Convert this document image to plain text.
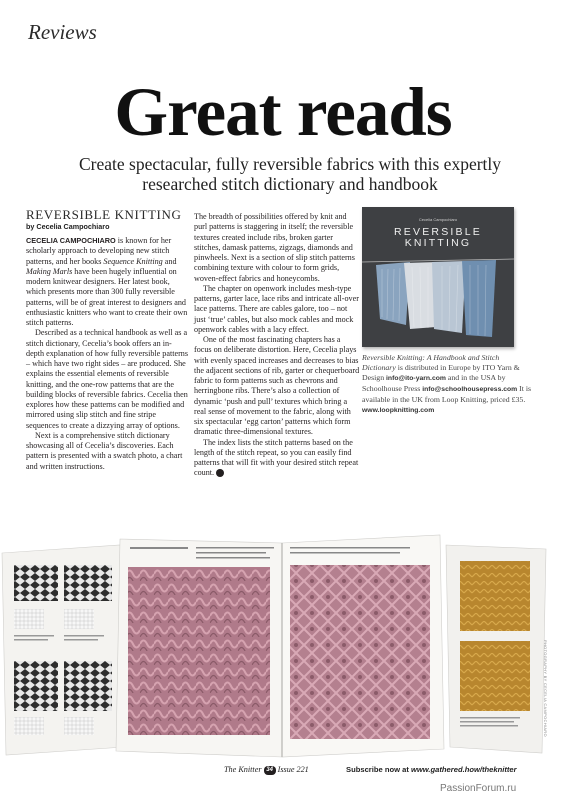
Reviews
Great reads
Create spectacular, fully reversible fabrics with this expertly researched stitch dictionary and handbook
REVERSIBLE KNITTING
by Cecelia Campochiaro

CECELIA CAMPOCHIARO is known for her scholarly approach to developing new stitch patterns, and her books Sequence Knitting and Making Marls have been hugely influential on modern knitwear designers. Her latest book, which presents more than 300 fully reversible patterns, will be of great interest to designers and enthusiastic knitters who want to create their own stitch patterns.

Described as a technical handbook as well as a stitch dictionary, Cecelia’s book offers an in-depth explanation of how fully reversible patterns – which have two right sides – are produced. She explains the essential elements of reversible knitting, and the one-row patterns that are the building blocks of reversible fabrics. Cecelia then explores how these patterns can be modified and mirrored using slip stitch and fine stripe sequences to create a dizzying array of options.

Next is a comprehensive stitch dictionary showcasing all of Cecelia’s discoveries. Each pattern is presented with a swatch photo, a chart and written instructions.

The breadth of possibilities offered by knit and purl patterns is staggering in itself; the reversible textures created include ribs, broken garter stitches, damask patterns, zigzags, diamonds and pinwheels. Next is a section of slip stitch patterns combining texture with colour to form grids, woven-effect fabrics and honeycombs.

The chapter on openwork includes mesh-type patterns, garter lace, lace ribs and intricate all-over lace patterns. There are cables galore, too – not just ‘true’ cables, but also mock cables and mock openwork cables with a lacy effect.

One of the most fascinating chapters has a focus on deliberate distortion. Here, Cecelia plays with evenly spaced increases and decreases to bias the adjacent sections of rib, garter or chequerboard fabric to form patterns such as chevrons and herringbone ribs. There’s also a collection of dynamic ‘push and pull’ textures which bring a real sense of movement to the fabric, along with six spectacular ‘egg carton’ patterns which form dramatic three-dimensional textures.

The index lists the stitch patterns based on the length of the stitch repeat, so you can easily find patterns that will fit with your desired stitch repeat count. TK

Cecelia Campochiaro
REVERSIBLE
KNITTING
Reversible Knitting: A Handbook and Stitch Dictionary is distributed in Europe by ITO Yarn & Design info@ito-yarn.com and in the USA by Schoolhouse Press info@schoolhousepress.com It is available in the UK from Loop Knitting, priced £35. www.loopknitting.com
PHOTOGRAPHY BY CECELIA CAMPOCHIARO
The Knitter 34 Issue 221	Subscribe now at www.gathered.how/theknitter
PassionForum.ru
